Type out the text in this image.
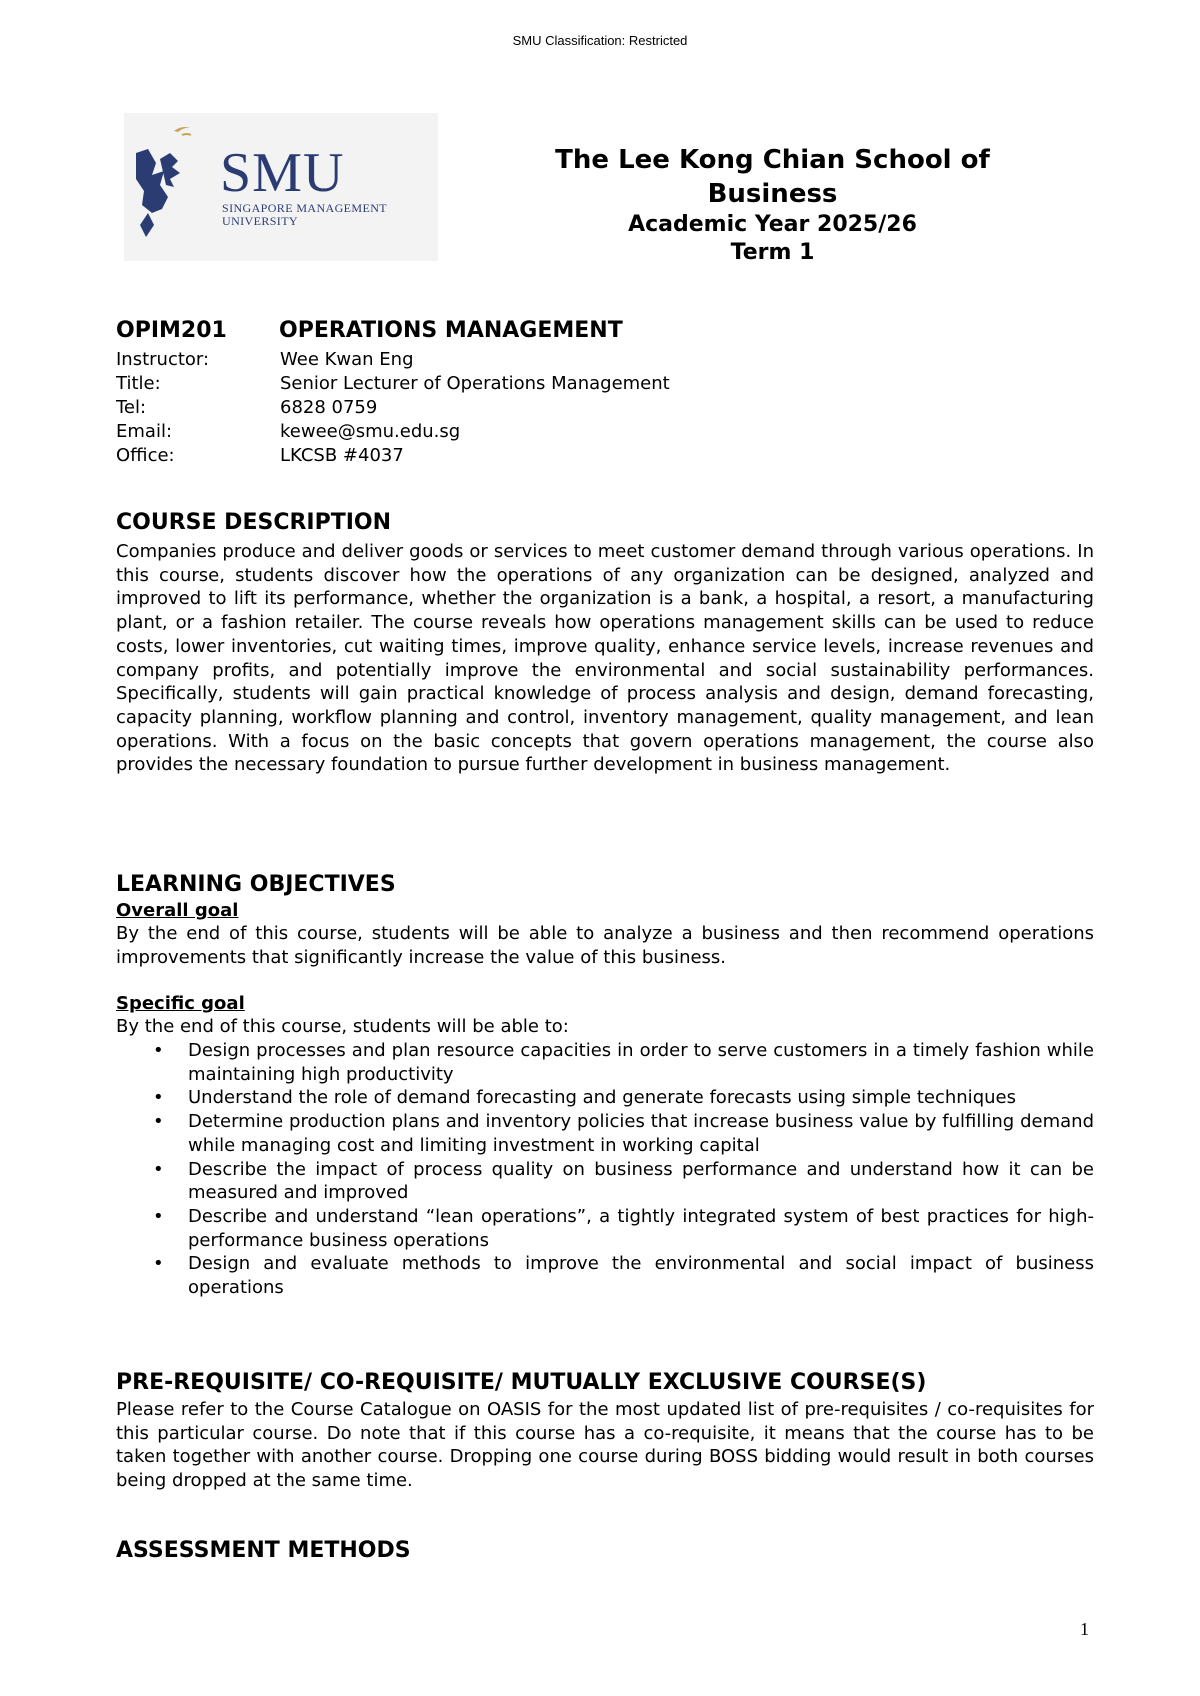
SMU Classification: Restricted
SMU
SINGAPORE MANAGEMENT
UNIVERSITY
The Lee Kong Chian School of Business
Academic Year 2025/26
Term 1
OPIM201 OPERATIONS MANAGEMENT
Instructor:	Wee Kwan Eng
Title:	Senior Lecturer of Operations Management
Tel:	6828 0759
Email:	kewee@smu.edu.sg
Office:	LKCSB #4037
COURSE DESCRIPTION
Companies produce and deliver goods or services to meet customer demand through various operations. In this course, students discover how the operations of any organization can be designed, analyzed and improved to lift its performance, whether the organization is a bank, a hospital, a resort, a manufacturing plant, or a fashion retailer. The course reveals how operations management skills can be used to reduce costs, lower inventories, cut waiting times, improve quality, enhance service levels, increase revenues and company profits, and potentially improve the environmental and social sustainability performances. Specifically, students will gain practical knowledge of process analysis and design, demand forecasting, capacity planning, workflow planning and control, inventory management, quality management, and lean operations. With a focus on the basic concepts that govern operations management, the course also provides the necessary foundation to pursue further development in business management.
LEARNING OBJECTIVES
Overall goal
By the end of this course, students will be able to analyze a business and then recommend operations improvements that significantly increase the value of this business.
Specific goal
By the end of this course, students will be able to:
• Design processes and plan resource capacities in order to serve customers in a timely fashion while maintaining high productivity
• Understand the role of demand forecasting and generate forecasts using simple techniques
• Determine production plans and inventory policies that increase business value by fulfilling demand while managing cost and limiting investment in working capital
• Describe the impact of process quality on business performance and understand how it can be measured and improved
• Describe and understand “lean operations”, a tightly integrated system of best practices for high-performance business operations
• Design and evaluate methods to improve the environmental and social impact of business operations
PRE-REQUISITE/ CO-REQUISITE/ MUTUALLY EXCLUSIVE COURSE(S)
Please refer to the Course Catalogue on OASIS for the most updated list of pre-requisites / co-requisites for this particular course. Do note that if this course has a co-requisite, it means that the course has to be taken together with another course. Dropping one course during BOSS bidding would result in both courses being dropped at the same time.
ASSESSMENT METHODS
1
